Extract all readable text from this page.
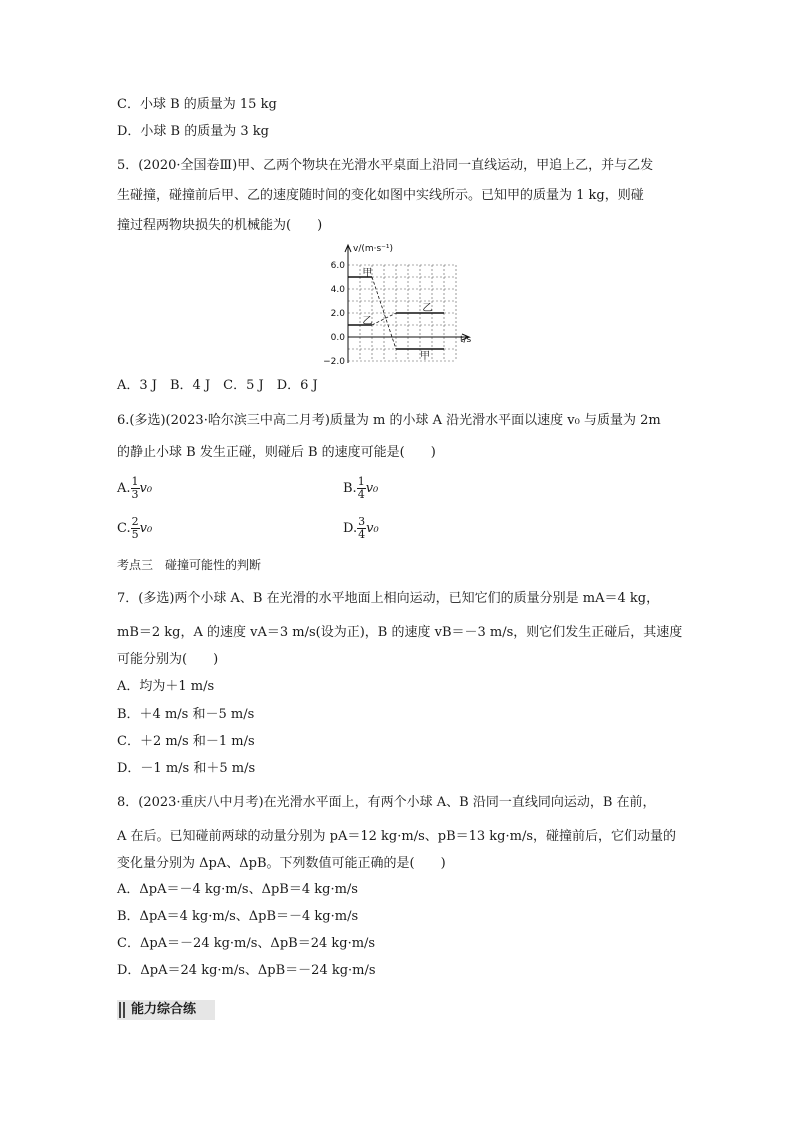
C．小球 B 的质量为 15 kg
D．小球 B 的质量为 3 kg
5．(2020·全国卷Ⅲ)甲、乙两个物块在光滑水平桌面上沿同一直线运动，甲追上乙，并与乙发
生碰撞，碰撞前后甲、乙的速度随时间的变化如图中实线所示。已知甲的质量为 1 kg，则碰
撞过程两物块损失的机械能为(　　)
v/(m·s⁻¹)
t/s
6.0
4.0
2.0
0.0
−2.0
甲
甲
乙
乙
A．3 J　B．4 J　C．5 J　D．6 J
6.(多选)(2023·哈尔滨三中高二月考)质量为 m 的小球 A 沿光滑水平面以速度 v₀ 与质量为 2m
的静止小球 B 发生正碰，则碰后 B 的速度可能是(　　)
A. $\frac{1}{3} v_0$	B. $\frac{1}{4} v_0$
C. $\frac{2}{5} v_0$	D. $\frac{3}{4} v_0$
考点三　碰撞可能性的判断
7．(多选)两个小球 A、B 在光滑的水平地面上相向运动，已知它们的质量分别是 mA＝4 kg，
mB＝2 kg，A 的速度 vA＝3 m/s(设为正)，B 的速度 vB＝－3 m/s，则它们发生正碰后，其速度
可能分别为(　　)
A．均为＋1 m/s
B．＋4 m/s 和－5 m/s
C．＋2 m/s 和－1 m/s
D．－1 m/s 和＋5 m/s
8．(2023·重庆八中月考)在光滑水平面上，有两个小球 A、B 沿同一直线同向运动，B 在前，
A 在后。已知碰前两球的动量分别为 pA＝12 kg·m/s、pB＝13 kg·m/s，碰撞前后，它们动量的
变化量分别为 ΔpA、ΔpB。下列数值可能正确的是(　　)
A．ΔpA＝－4 kg·m/s、ΔpB＝4 kg·m/s
B．ΔpA＝4 kg·m/s、ΔpB＝－4 kg·m/s
C．ΔpA＝－24 kg·m/s、ΔpB＝24 kg·m/s
D．ΔpA＝24 kg·m/s、ΔpB＝－24 kg·m/s
能力综合练
